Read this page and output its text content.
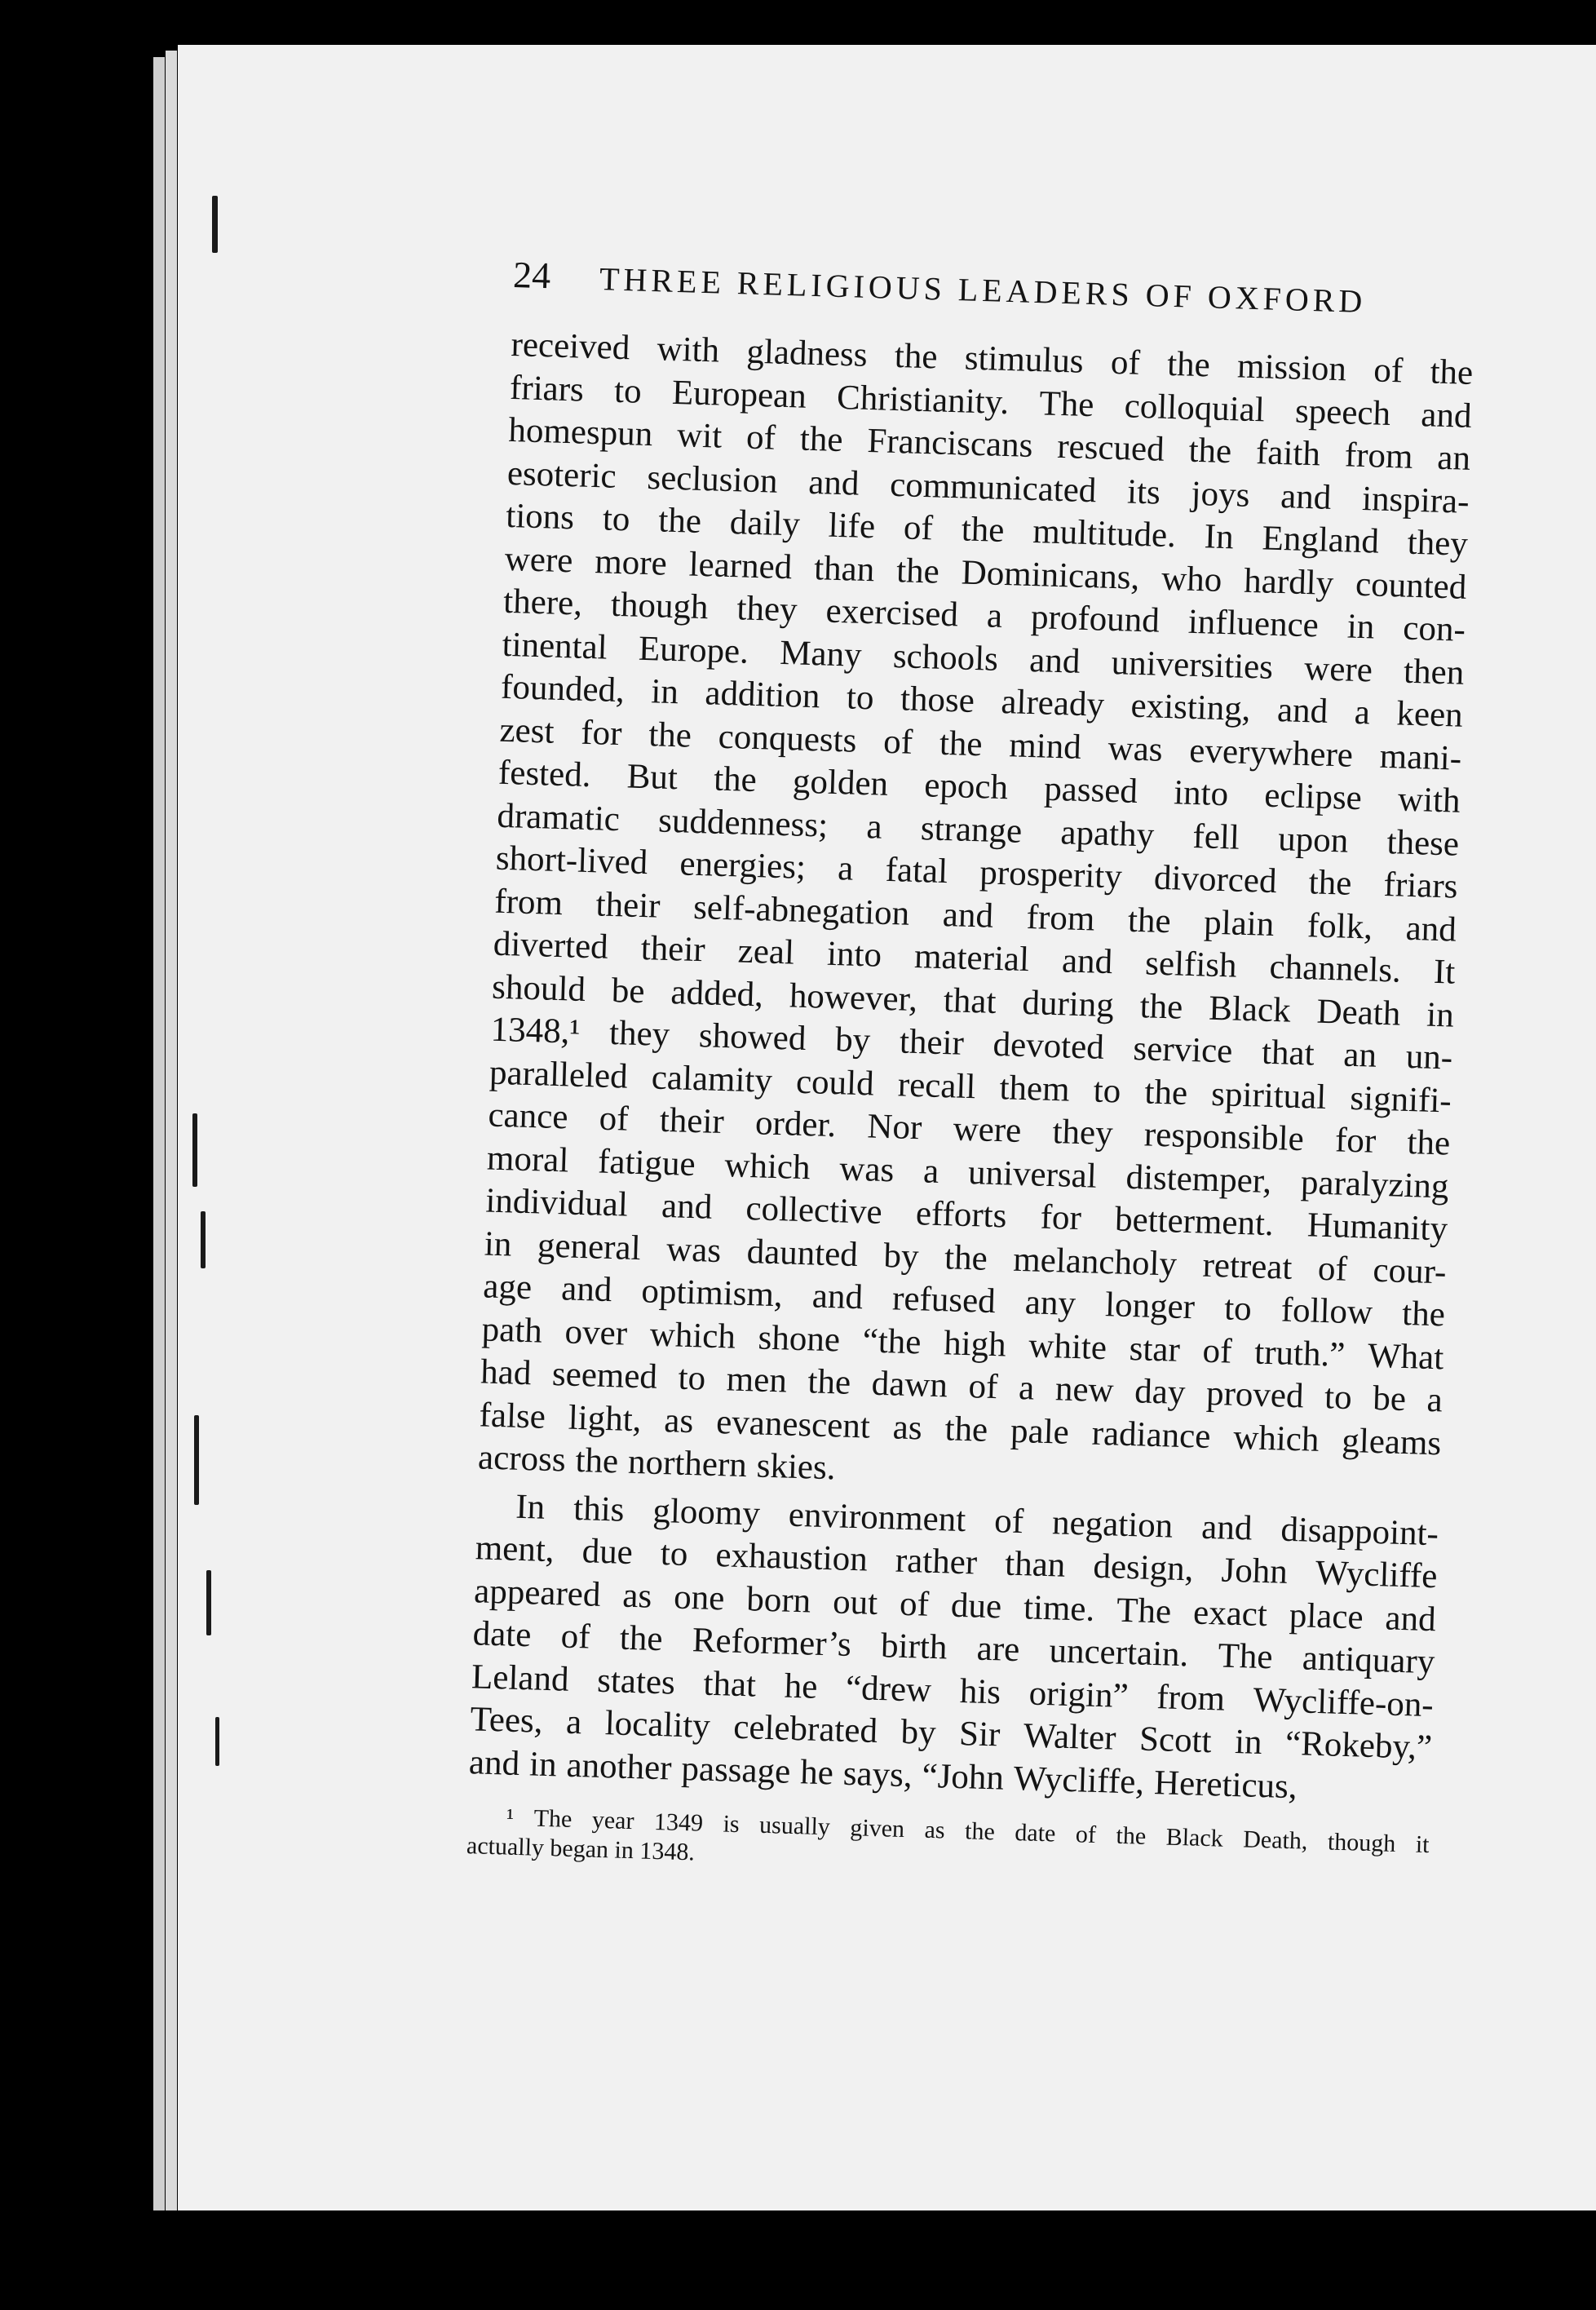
24 THREE RELIGIOUS LEADERS OF OXFORD
received with gladness the stimulus of the mission of the
friars to European Christianity. The colloquial speech and
homespun wit of the Franciscans rescued the faith from an
esoteric seclusion and communicated its joys and inspira-
tions to the daily life of the multitude. In England they
were more learned than the Dominicans, who hardly counted
there, though they exercised a profound influence in con-
tinental Europe. Many schools and universities were then
founded, in addition to those already existing, and a keen
zest for the conquests of the mind was everywhere mani-
fested. But the golden epoch passed into eclipse with
dramatic suddenness; a strange apathy fell upon these
short-lived energies; a fatal prosperity divorced the friars
from their self-abnegation and from the plain folk, and
diverted their zeal into material and selfish channels. It
should be added, however, that during the Black Death in
1348,¹ they showed by their devoted service that an un-
paralleled calamity could recall them to the spiritual signifi-
cance of their order. Nor were they responsible for the
moral fatigue which was a universal distemper, paralyzing
individual and collective efforts for betterment. Humanity
in general was daunted by the melancholy retreat of cour-
age and optimism, and refused any longer to follow the
path over which shone “the high white star of truth.” What
had seemed to men the dawn of a new day proved to be a
false light, as evanescent as the pale radiance which gleams
across the northern skies.
In this gloomy environment of negation and disappoint-
ment, due to exhaustion rather than design, John Wycliffe
appeared as one born out of due time. The exact place and
date of the Reformer’s birth are uncertain. The antiquary
Leland states that he “drew his origin” from Wycliffe-on-
Tees, a locality celebrated by Sir Walter Scott in “Rokeby,”
and in another passage he says, “John Wycliffe, Hereticus,
¹ The year 1349 is usually given as the date of the Black Death, though it
actually began in 1348.
